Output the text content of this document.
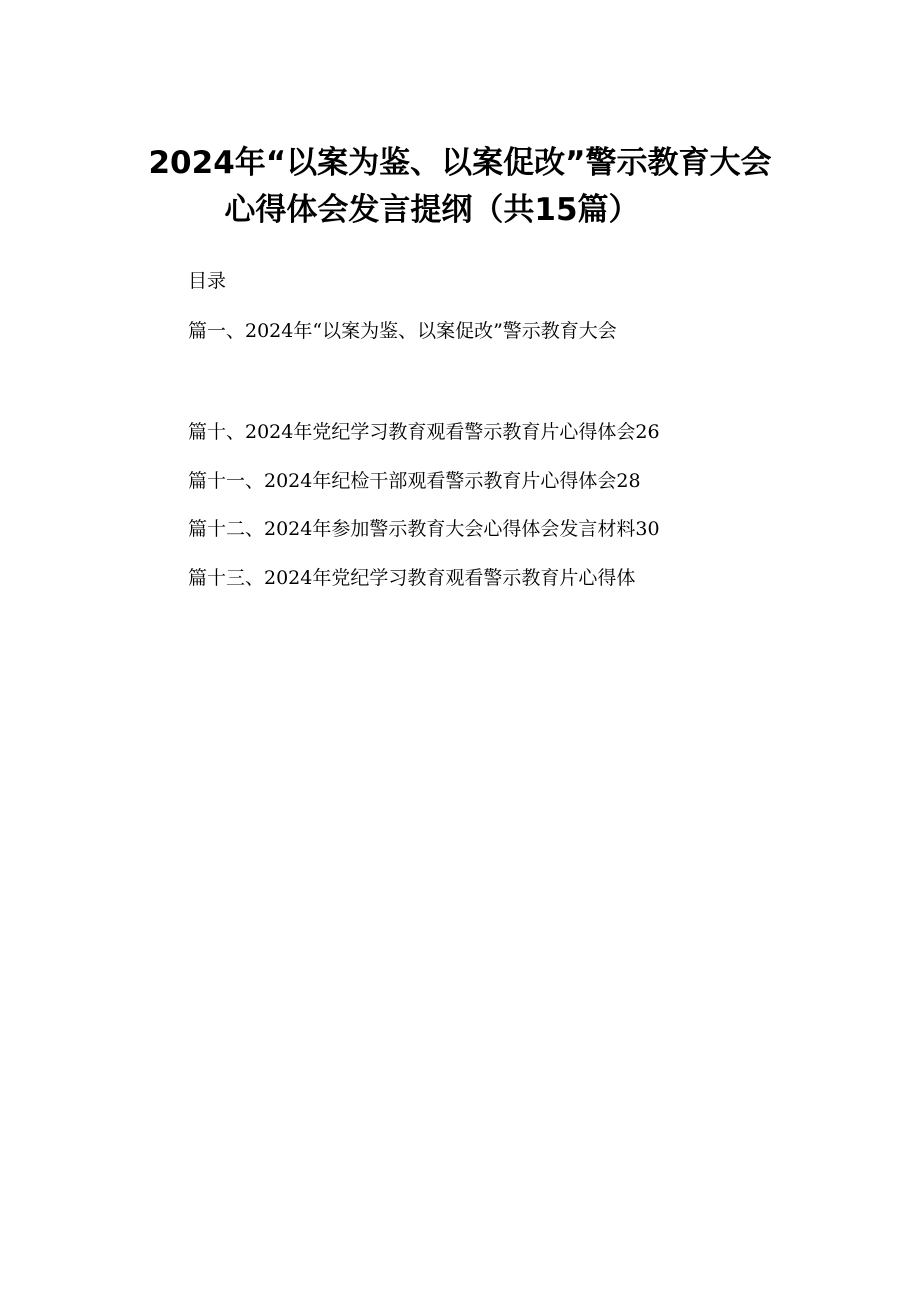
2024年“以案为鉴、以案促改”警示教育大会
心得体会发言提纲（共15篇）
目录
篇一、2024年“以案为鉴、以案促改”警示教育大会
篇十、2024年党纪学习教育观看警示教育片心得体会26
篇十一、2024年纪检干部观看警示教育片心得体会28
篇十二、2024年参加警示教育大会心得体会发言材料30
篇十三、2024年党纪学习教育观看警示教育片心得体
